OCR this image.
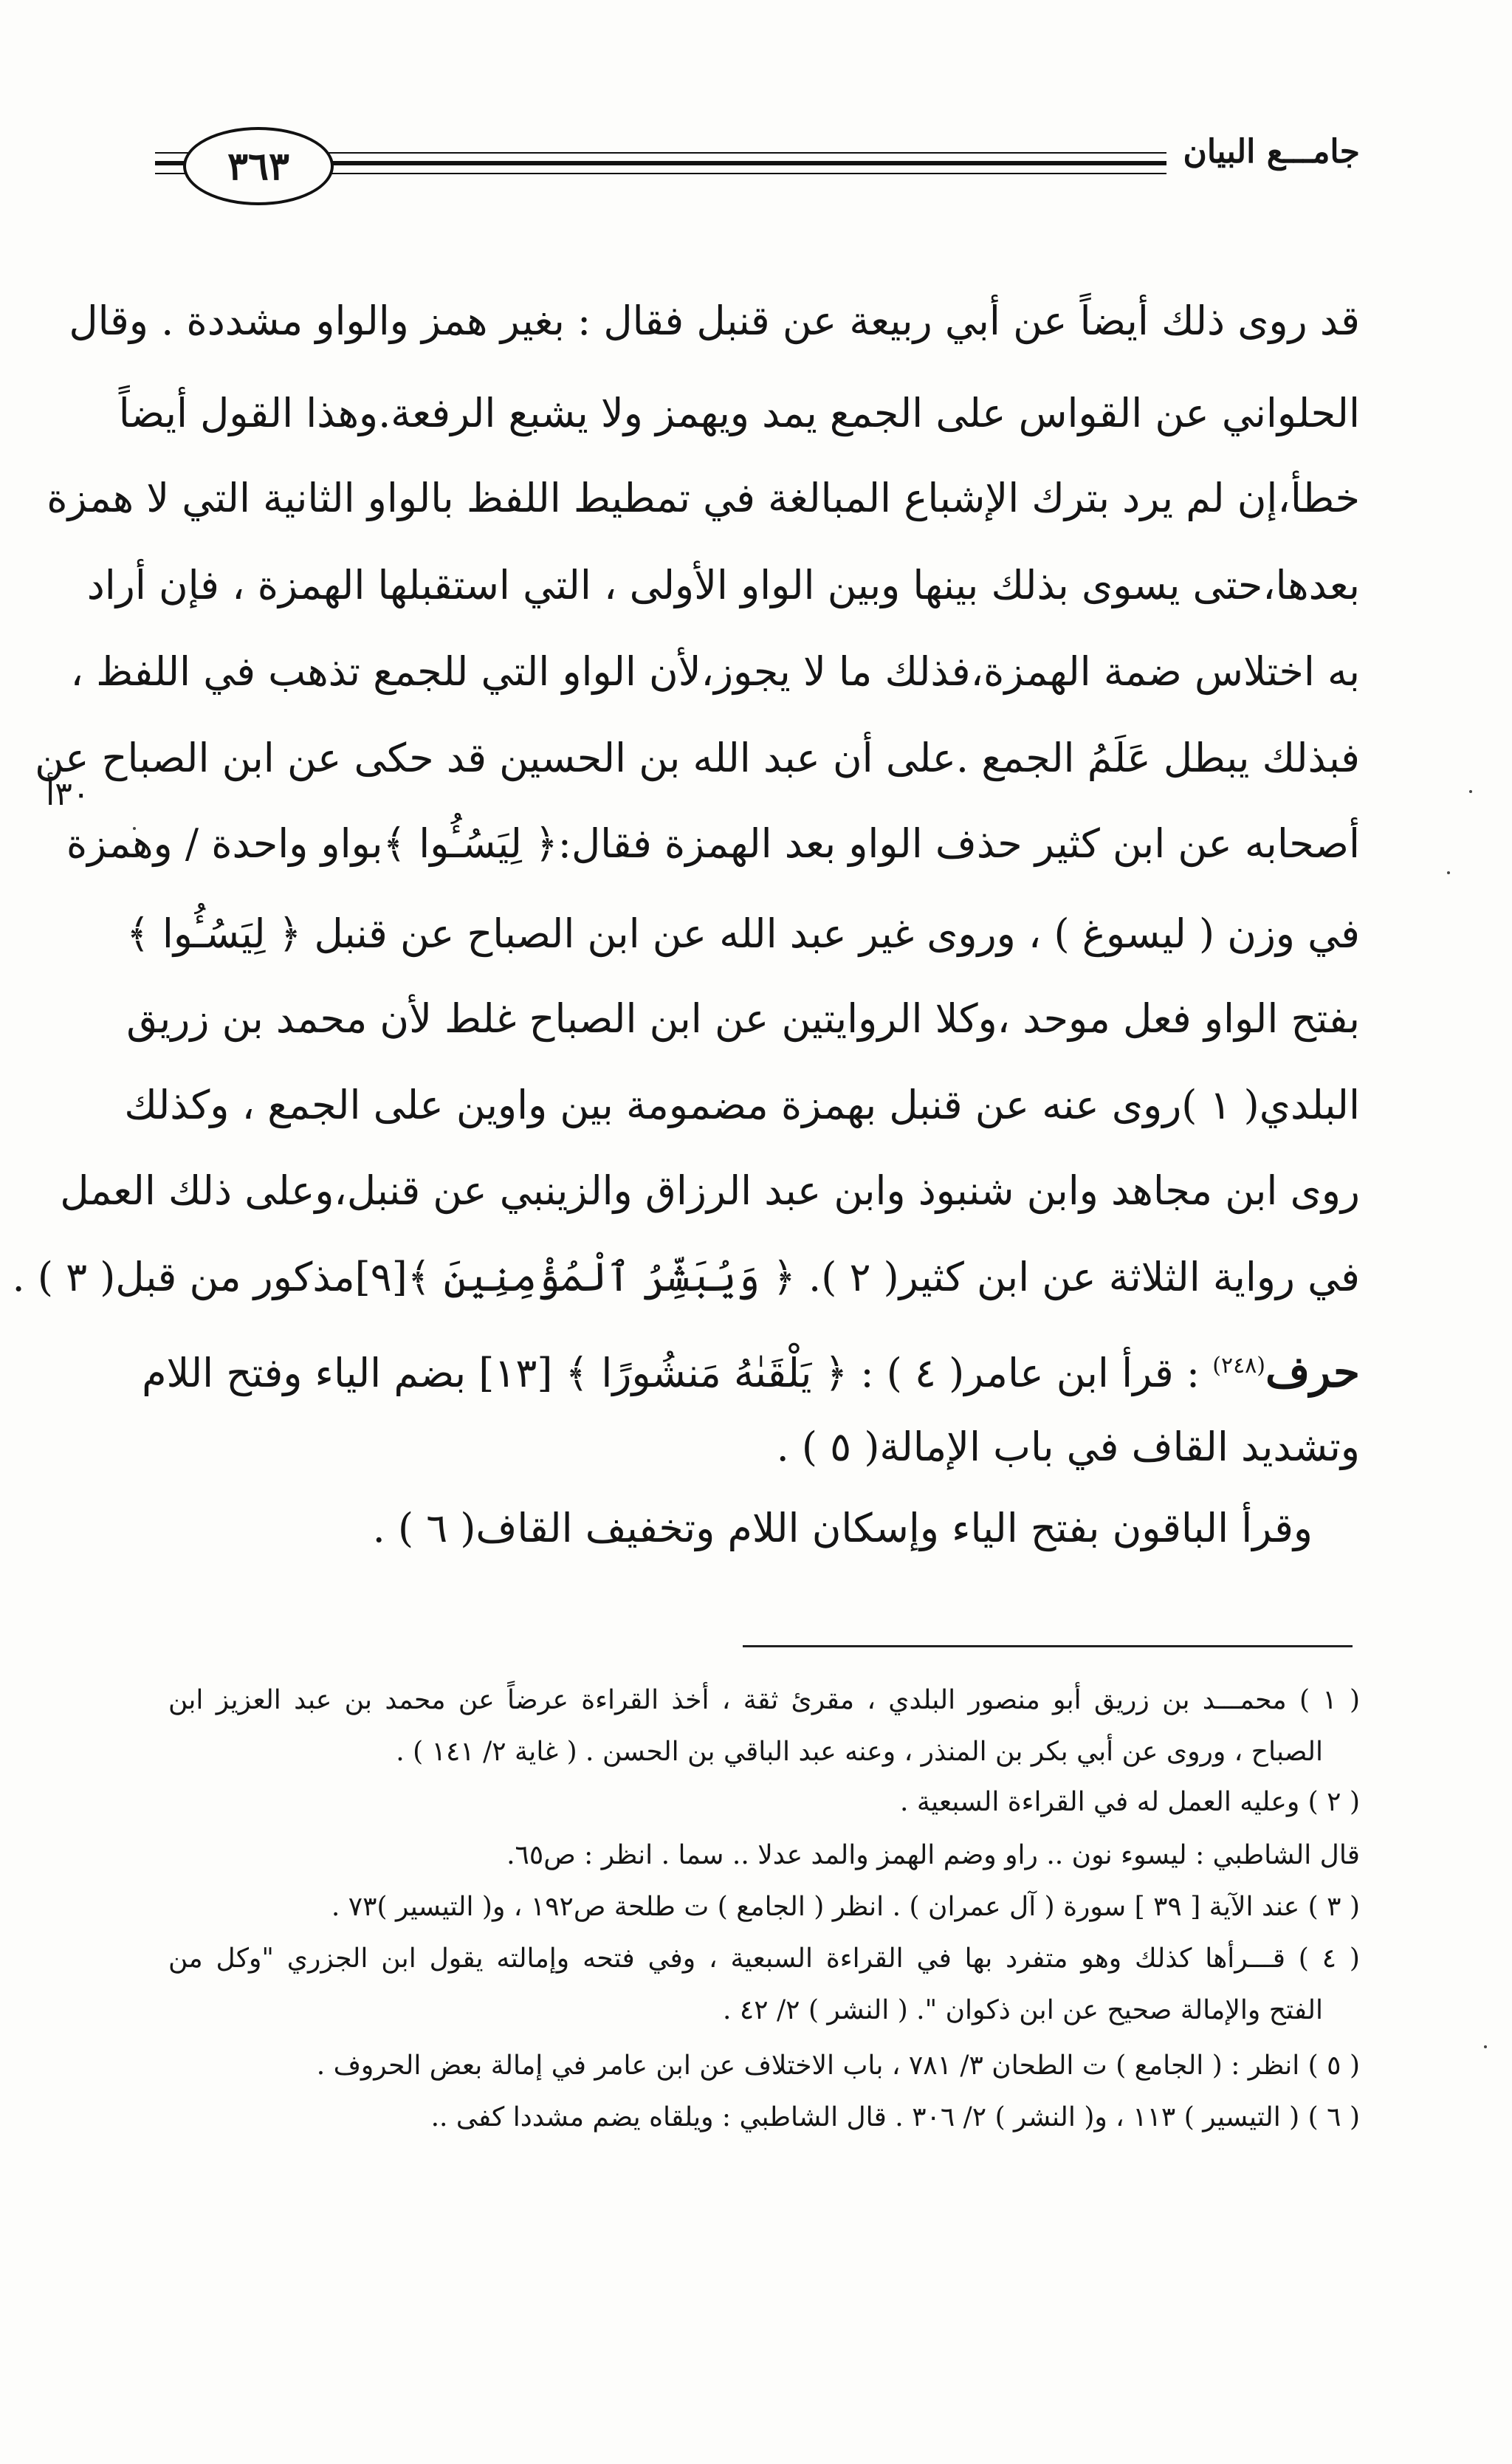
٣٦٣	جامـــع البيان
٣٠أ
قد روى ذلك أيضاً عن أبي ربيعة عن قنبل فقال : بغير همز والواو مشددة . وقال
الحلواني عن القواس على الجمع يمد ويهمز ولا يشبع الرفعة.وهذا القول أيضاً
خطأ،إن لم يرد بترك الإشباع المبالغة في تمطيط اللفظ بالواو الثانية التي لا همزة
بعدها،حتى يسوى بذلك بينها وبين الواو الأولى ، التي استقبلها الهمزة ، فإن أراد
به اختلاس ضمة الهمزة،فذلك ما لا يجوز،لأن الواو التي للجمع تذهب في اللفظ ،
فبذلك يبطل عَلَمُ الجمع .على أن عبد الله بن الحسين قد حكى عن ابن الصباح عن
أصحابه عن ابن كثير حذف الواو بعد الهمزة فقال:﴿ لِيَسُـُٔوا ﴾بواو واحدة / وهمزة
في وزن ( ليسوغ ) ، وروى غير عبد الله عن ابن الصباح عن قنبل ﴿ لِيَسُـُٔوا ﴾
بفتح الواو فعل موحد ،وكلا الروايتين عن ابن الصباح غلط لأن محمد بن زريق
البلدي( ١ )روى عنه عن قنبل بهمزة مضمومة بين واوين على الجمع ، وكذلك
روى ابن مجاهد وابن شنبوذ وابن عبد الرزاق والزينبي عن قنبل،وعلى ذلك العمل
في رواية الثلاثة عن ابن كثير( ٢ ). ﴿ وَيُبَشِّرُ ٱلْمُؤْمِنِينَ ﴾[٩]مذكور من قبل( ٣ ) .
حرف$^{(٢٤٨)}$ : قرأ ابن عامر( ٤ ) : ﴿ يَلْقَىٰهُ مَنشُورًا ﴾ [١٣] بضم الياء وفتح اللام
وتشديد القاف في باب الإمالة( ٥ ) .
وقرأ الباقون بفتح الياء وإسكان اللام وتخفيف القاف( ٦ ) .
( ١ ) محمـــد بن زريق أبو منصور البلدي ، مقرئ ثقة ، أخذ القراءة عرضاً عن محمد بن عبد العزيز ابن
الصباح ، وروى عن أبي بكر بن المنذر ، وعنه عبد الباقي بن الحسن . ( غاية ٢/ ١٤١ ) .
( ٢ ) وعليه العمل له في القراءة السبعية .
قال الشاطبي : ليسوء نون .. راو وضم الهمز والمد عدلا .. سما . انظر : ص٦٥.
( ٣ ) عند الآية [ ٣٩ ] سورة ( آل عمران ) . انظر ( الجامع ) ت طلحة ص١٩٢ ، و( التيسير )٧٣ .
( ٤ ) قـــرأها كذلك وهو متفرد بها في القراءة السبعية ، وفي فتحه وإمالته يقول ابن الجزري "وكل من
الفتح والإمالة صحيح عن ابن ذكوان ". ( النشر ) ٢/ ٤٢ .
( ٥ ) انظر : ( الجامع ) ت الطحان ٣/ ٧٨١ ، باب الاختلاف عن ابن عامر في إمالة بعض الحروف .
( ٦ ) ( التيسير ) ١١٣ ، و( النشر ) ٢/ ٣٠٦ . قال الشاطبي : ويلقاه يضم مشددا كفى ..
